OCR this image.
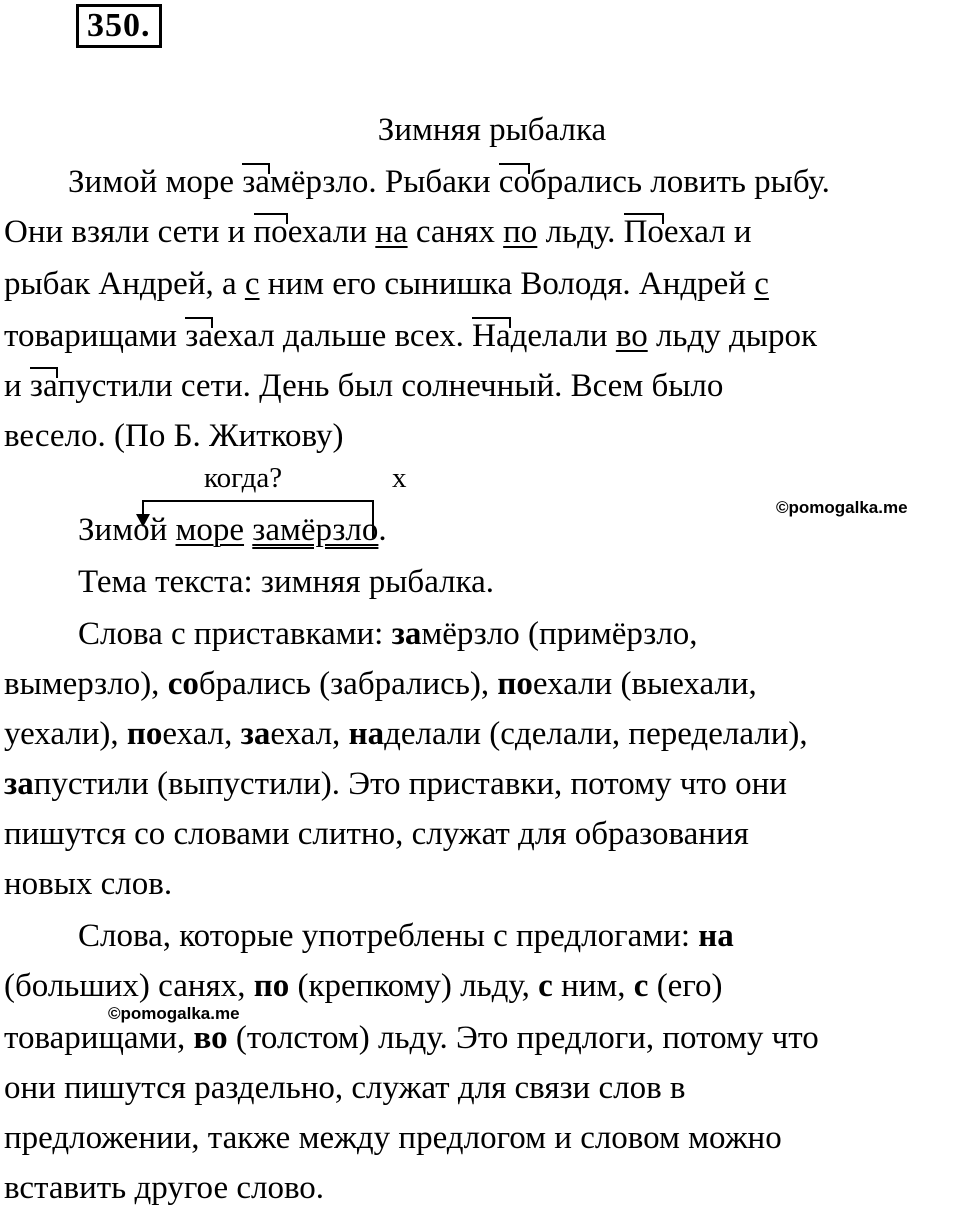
350.
Зимняя рыбалка
Зимой море замёрзло. Рыбаки собрались ловить рыбу.
Они взяли сети и поехали на санях по льду. Поехал и
рыбак Андрей, а с ним его сынишка Володя. Андрей с
товарищами заехал дальше всех. Наделали во льду дырок
и запустили сети. День был солнечный. Всем было
весело. (По Б. Житкову)
когда?	x
Зимой море замёрзло.
©pomogalka.me
Тема текста: зимняя рыбалка.
Слова с приставками: замёрзло (примёрзло,
вымерзло), собрались (забрались), поехали (выехали,
уехали), поехал, заехал, наделали (сделали, переделали),
запустили (выпустили). Это приставки, потому что они
пишутся со словами слитно, служат для образования
новых слов.
Слова, которые употреблены с предлогами: на
(больших) санях, по (крепкому) льду, с ним, с (его)
©pomogalka.me
товарищами, во (толстом) льду. Это предлоги, потому что
они пишутся раздельно, служат для связи слов в
предложении, также между предлогом и словом можно
вставить другое слово.
